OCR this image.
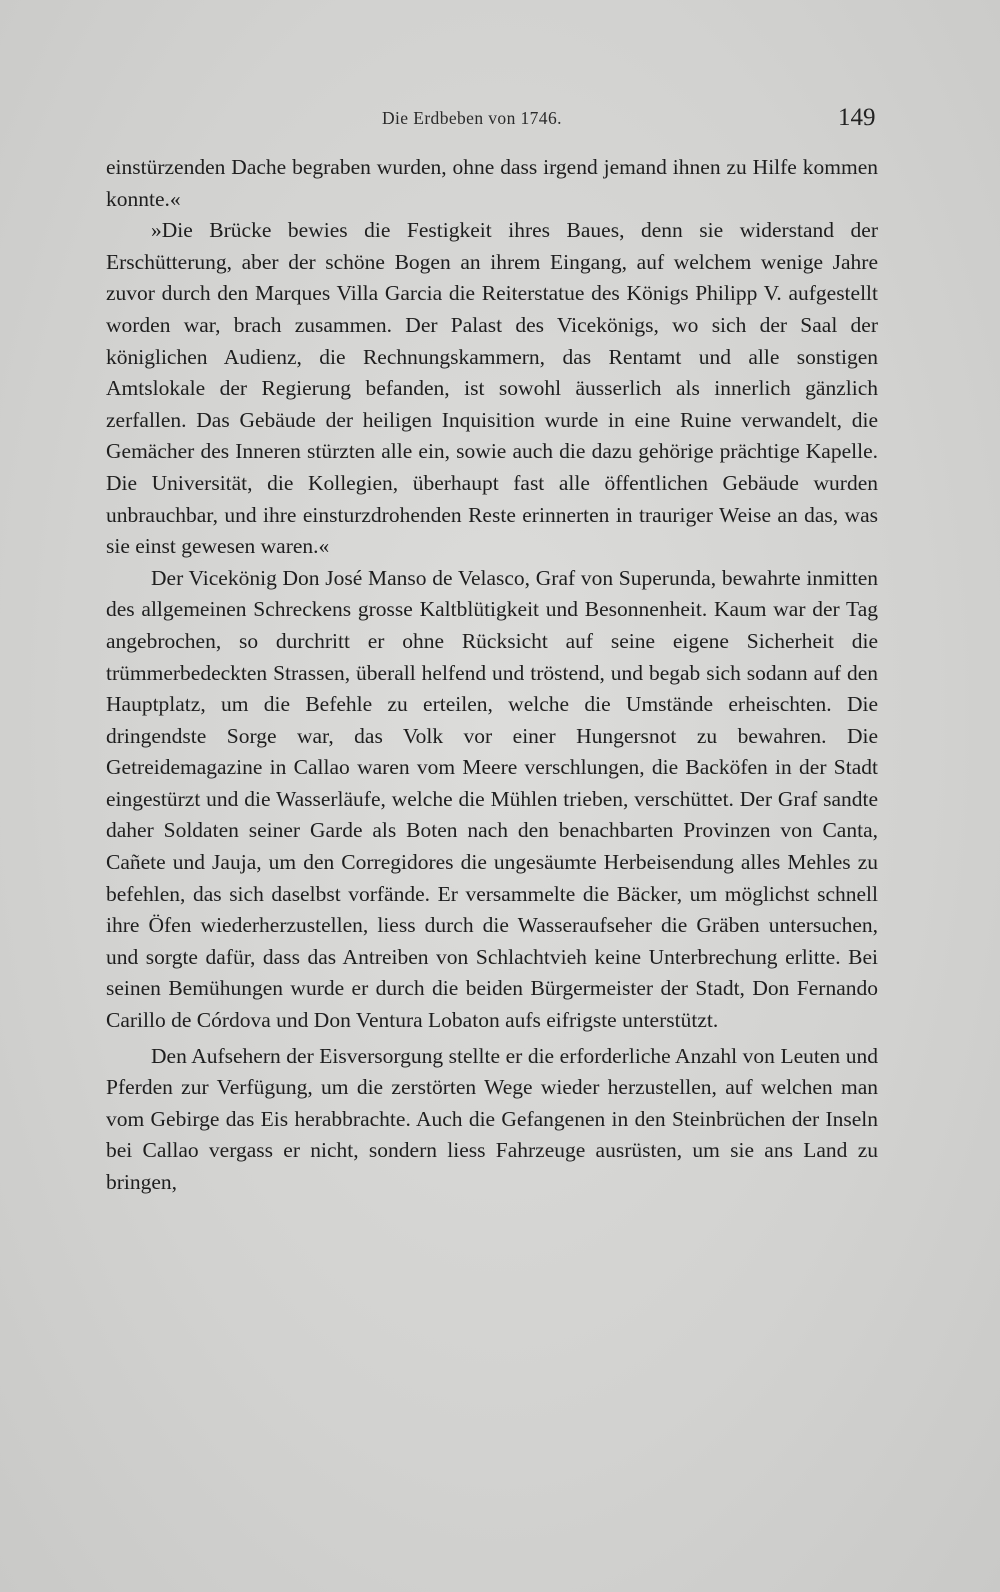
Die Erdbeben von 1746.	149

einstürzenden Dache begraben wurden, ohne dass irgend jemand ihnen zu Hilfe kommen konnte.«

»Die Brücke bewies die Festigkeit ihres Baues, denn sie widerstand der Erschütterung, aber der schöne Bogen an ihrem Eingang, auf welchem wenige Jahre zuvor durch den Marques Villa Garcia die Reiterstatue des Königs Philipp V. aufgestellt worden war, brach zusammen. Der Palast des Vicekönigs, wo sich der Saal der königlichen Audienz, die Rechnungskammern, das Rentamt und alle sonstigen Amtslokale der Regierung befanden, ist sowohl äusserlich als innerlich gänzlich zerfallen. Das Gebäude der heiligen Inquisition wurde in eine Ruine verwandelt, die Gemächer des Inneren stürzten alle ein, sowie auch die dazu gehörige prächtige Kapelle. Die Universität, die Kollegien, überhaupt fast alle öffentlichen Gebäude wurden unbrauchbar, und ihre einsturzdrohenden Reste erinnerten in trauriger Weise an das, was sie einst gewesen waren.«

Der Vicekönig Don José Manso de Velasco, Graf von Superunda, bewahrte inmitten des allgemeinen Schreckens grosse Kaltblütigkeit und Besonnenheit. Kaum war der Tag angebrochen, so durchritt er ohne Rücksicht auf seine eigene Sicherheit die trümmerbedeckten Strassen, überall helfend und tröstend, und begab sich sodann auf den Hauptplatz, um die Befehle zu erteilen, welche die Umstände erheischten. Die dringendste Sorge war, das Volk vor einer Hungersnot zu bewahren. Die Getreidemagazine in Callao waren vom Meere verschlungen, die Backöfen in der Stadt eingestürzt und die Wasserläufe, welche die Mühlen trieben, verschüttet. Der Graf sandte daher Soldaten seiner Garde als Boten nach den benachbarten Provinzen von Canta, Cañete und Jauja, um den Corregidores die ungesäumte Herbeisendung alles Mehles zu befehlen, das sich daselbst vorfände. Er versammelte die Bäcker, um möglichst schnell ihre Öfen wiederherzustellen, liess durch die Wasseraufseher die Gräben untersuchen, und sorgte dafür, dass das Antreiben von Schlachtvieh keine Unterbrechung erlitte. Bei seinen Bemühungen wurde er durch die beiden Bürgermeister der Stadt, Don Fernando Carillo de Córdova und Don Ventura Lobaton aufs eifrigste unterstützt.

Den Aufsehern der Eisversorgung stellte er die erforderliche Anzahl von Leuten und Pferden zur Verfügung, um die zerstörten Wege wieder herzustellen, auf welchen man vom Gebirge das Eis herabbrachte. Auch die Gefangenen in den Steinbrüchen der Inseln bei Callao vergass er nicht, sondern liess Fahrzeuge ausrüsten, um sie ans Land zu bringen,
